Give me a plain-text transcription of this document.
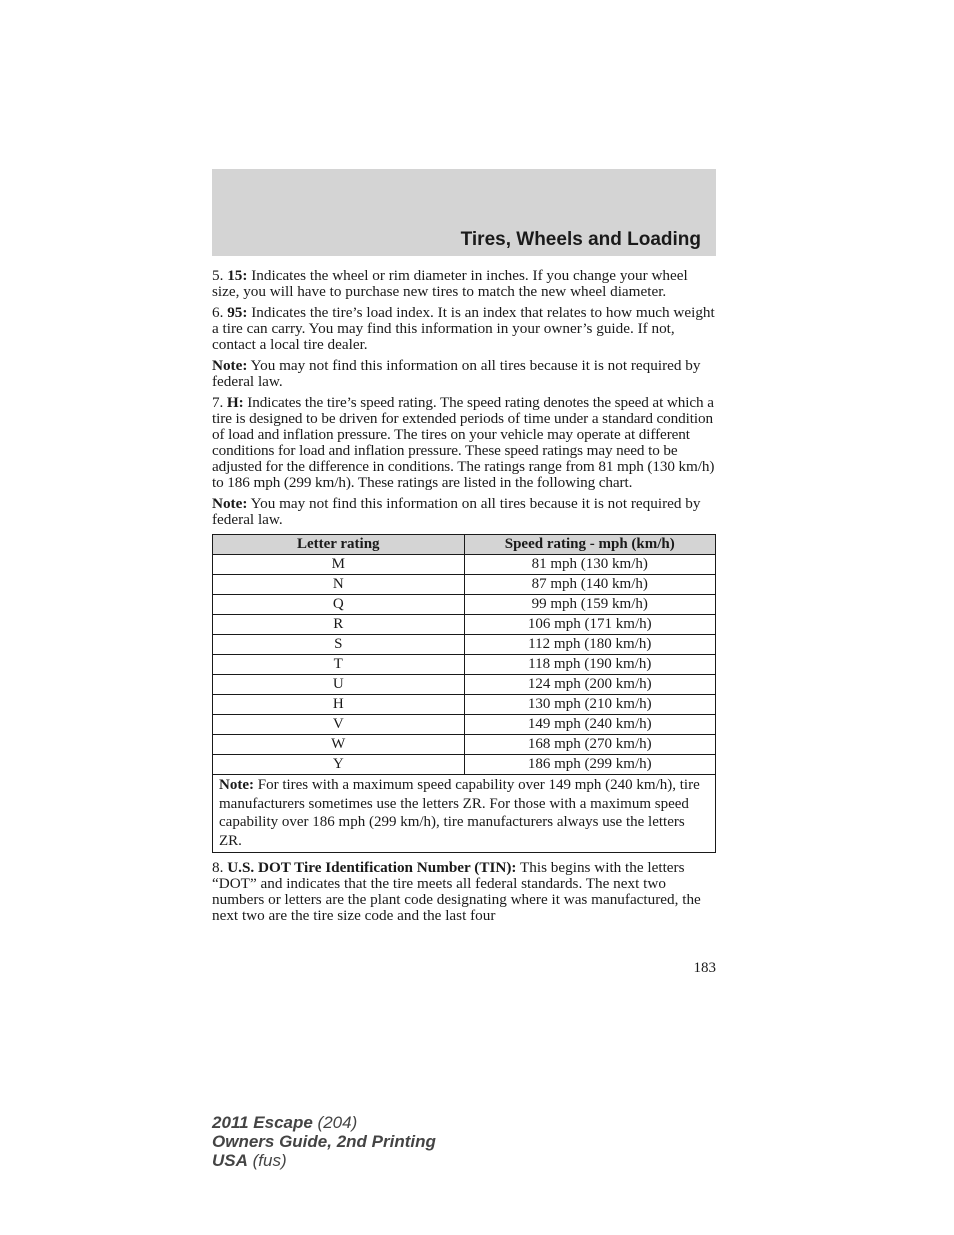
Tires, Wheels and Loading

5. 15: Indicates the wheel or rim diameter in inches. If you change your wheel size, you will have to purchase new tires to match the new wheel diameter.

6. 95: Indicates the tire’s load index. It is an index that relates to how much weight a tire can carry. You may find this information in your owner’s guide. If not, contact a local tire dealer.

Note: You may not find this information on all tires because it is not required by federal law.

7. H: Indicates the tire’s speed rating. The speed rating denotes the speed at which a tire is designed to be driven for extended periods of time under a standard condition of load and inflation pressure. The tires on your vehicle may operate at different conditions for load and inflation pressure. These speed ratings may need to be adjusted for the difference in conditions. The ratings range from 81 mph (130 km/h) to 186 mph (299 km/h). These ratings are listed in the following chart.

Note: You may not find this information on all tires because it is not required by federal law.

Letter rating	Speed rating - mph (km/h)
M	81 mph (130 km/h)
N	87 mph (140 km/h)
Q	99 mph (159 km/h)
R	106 mph (171 km/h)
S	112 mph (180 km/h)
T	118 mph (190 km/h)
U	124 mph (200 km/h)
H	130 mph (210 km/h)
V	149 mph (240 km/h)
W	168 mph (270 km/h)
Y	186 mph (299 km/h)
Note: For tires with a maximum speed capability over 149 mph (240 km/h), tire manufacturers sometimes use the letters ZR. For those with a maximum speed capability over 186 mph (299 km/h), tire manufacturers always use the letters ZR.	

8. U.S. DOT Tire Identification Number (TIN): This begins with the letters “DOT” and indicates that the tire meets all federal standards. The next two numbers or letters are the plant code designating where it was manufactured, the next two are the tire size code and the last four

183
2011 Escape (204)
Owners Guide, 2nd Printing
USA (fus)
